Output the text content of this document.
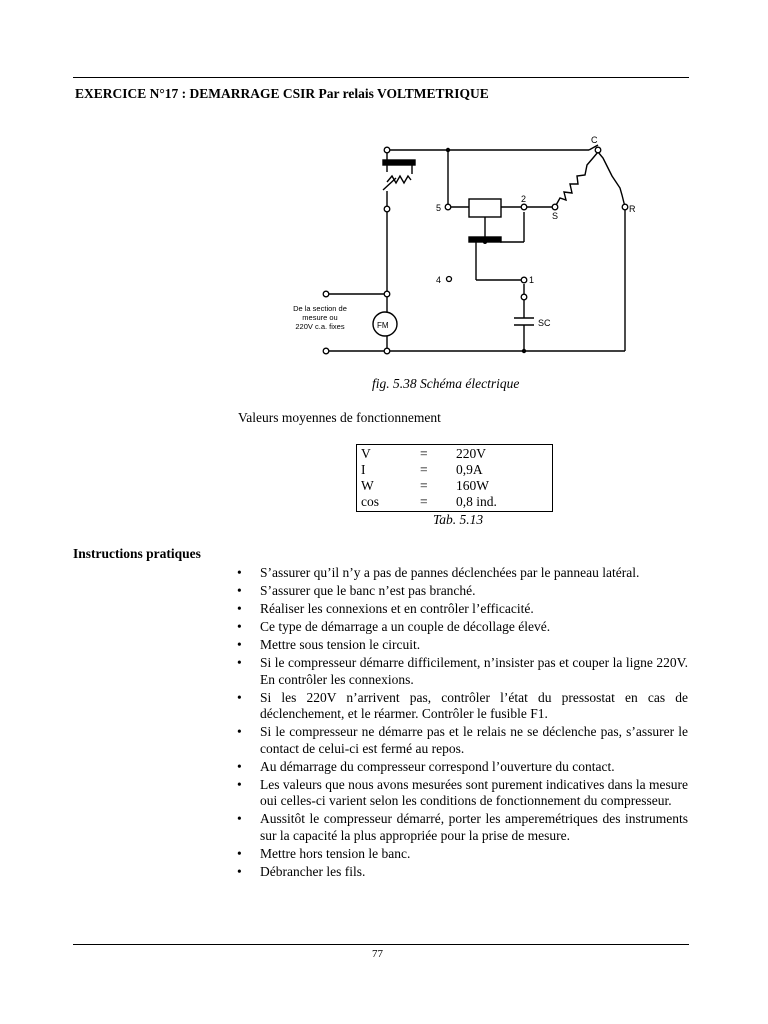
EXERCICE N°17 : DEMARRAGE CSIR Par relais VOLTMETRIQUE
C
R
S
5
2
4	1
SC
FM
De la section de
mesure ou
220V c.a. fixes
fig. 5.38 Schéma électrique
Valeurs moyennes de fonctionnement
V	= 220V
I	= 0,9A
W	= 160W
cos	= 0,8 ind.
Tab. 5.13
Instructions pratiques
• S’assurer qu’il n’y a pas de pannes déclenchées par le panneau latéral.
• S’assurer que le banc n’est pas branché.
• Réaliser les connexions et en contrôler l’efficacité.
• Ce type de démarrage a un couple de décollage élevé.
• Mettre sous tension le circuit.
• Si le compresseur démarre difficilement, n’insister pas et couper la ligne 220V. En contrôler les connexions.
• Si les 220V n’arrivent pas, contrôler l’état du pressostat en cas de déclenchement, et le réarmer. Contrôler le fusible F1.
• Si le compresseur ne démarre pas et le relais ne se déclenche pas, s’assurer le contact de celui-ci est fermé au repos.
• Au démarrage du compresseur correspond l’ouverture du contact.
• Les valeurs que nous avons mesurées sont purement indicatives dans la mesure oui celles-ci varient selon les conditions de fonctionnement du compresseur.
• Aussitôt le compresseur démarré, porter les amperemétriques des instruments sur la capacité la plus appropriée pour la prise de mesure.
• Mettre hors tension le banc.
• Débrancher les fils.
77
